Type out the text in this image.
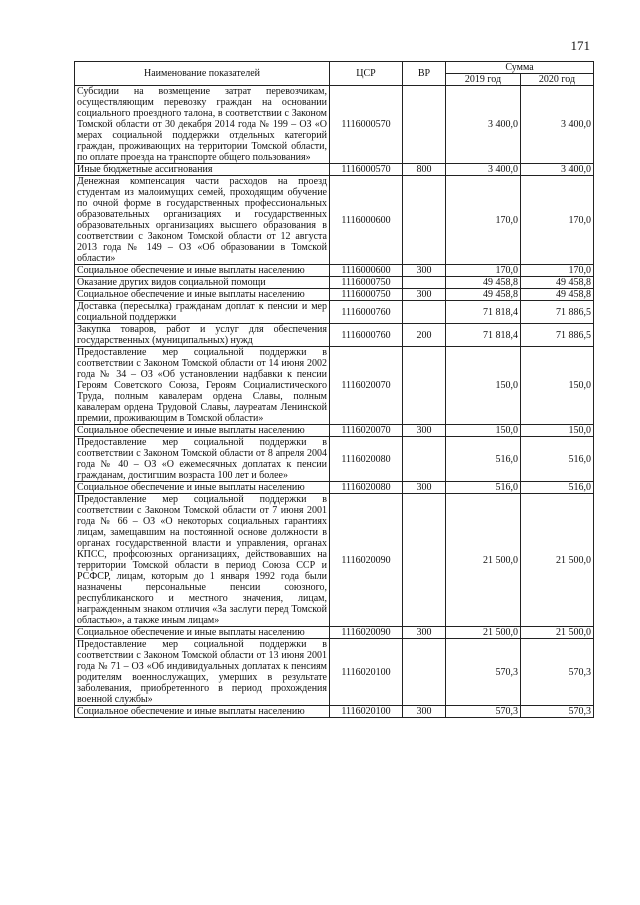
171
Наименование показателей	ЦСР	ВР	Сумма	
			2019 год	2020 год
Субсидии на возмещение затрат перевозчикам, осуществляющим перевозку граждан на основании социального проездного талона, в соответствии с Законом Томской области от 30 декабря 2014 года № 199 – ОЗ «О мерах социальной поддержки отдельных категорий граждан, проживающих на территории Томской области, по оплате проезда на транспорте общего пользования»	1116000570		3 400,0	3 400,0
Иные бюджетные ассигнования	1116000570	800	3 400,0	3 400,0
Денежная компенсация части расходов на проезд студентам из малоимущих семей, проходящим обучение по очной форме в государственных профессиональных образовательных организациях и государственных образовательных организациях высшего образования в соответствии с Законом Томской области от 12 августа 2013 года № 149 – ОЗ «Об образовании в Томской области»	1116000600		170,0	170,0
Социальное обеспечение и иные выплаты населению	1116000600	300	170,0	170,0
Оказание других видов социальной помощи	1116000750		49 458,8	49 458,8
Социальное обеспечение и иные выплаты населению	1116000750	300	49 458,8	49 458,8
Доставка (пересылка) гражданам доплат к пенсии и мер социальной поддержки	1116000760		71 818,4	71 886,5
Закупка товаров, работ и услуг для обеспечения государственных (муниципальных) нужд	1116000760	200	71 818,4	71 886,5
Предоставление мер социальной поддержки в соответствии с Законом Томской области от 14 июня 2002 года № 34 – ОЗ «Об установлении надбавки к пенсии Героям Советского Союза, Героям Социалистического Труда, полным кавалерам ордена Славы, полным кавалерам ордена Трудовой Славы, лауреатам Ленинской премии, проживающим в Томской области»	1116020070		150,0	150,0
Социальное обеспечение и иные выплаты населению	1116020070	300	150,0	150,0
Предоставление мер социальной поддержки в соответствии с Законом Томской области от 8 апреля 2004 года № 40 – ОЗ «О ежемесячных доплатах к пенсии гражданам, достигшим возраста 100 лет и более»	1116020080		516,0	516,0
Социальное обеспечение и иные выплаты населению	1116020080	300	516,0	516,0
Предоставление мер социальной поддержки в соответствии с Законом Томской области от 7 июня 2001 года № 66 – ОЗ «О некоторых социальных гарантиях лицам, замещавшим на постоянной основе должности в органах государственной власти и управления, органах КПСС, профсоюзных организациях, действовавших на территории Томской области в период Союза ССР и РСФСР, лицам, которым до 1 января 1992 года были назначены персональные пенсии союзного, республиканского и местного значения, лицам, награжденным знаком отличия «За заслуги перед Томской областью», а также иным лицам»	1116020090		21 500,0	21 500,0
Социальное обеспечение и иные выплаты населению	1116020090	300	21 500,0	21 500,0
Предоставление мер социальной поддержки в соответствии с Законом Томской области от 13 июня 2001 года № 71 – ОЗ «Об индивидуальных доплатах к пенсиям родителям военнослужащих, умерших в результате заболевания, приобретенного в период прохождения военной службы»	1116020100		570,3	570,3
Социальное обеспечение и иные выплаты населению	1116020100	300	570,3	570,3
